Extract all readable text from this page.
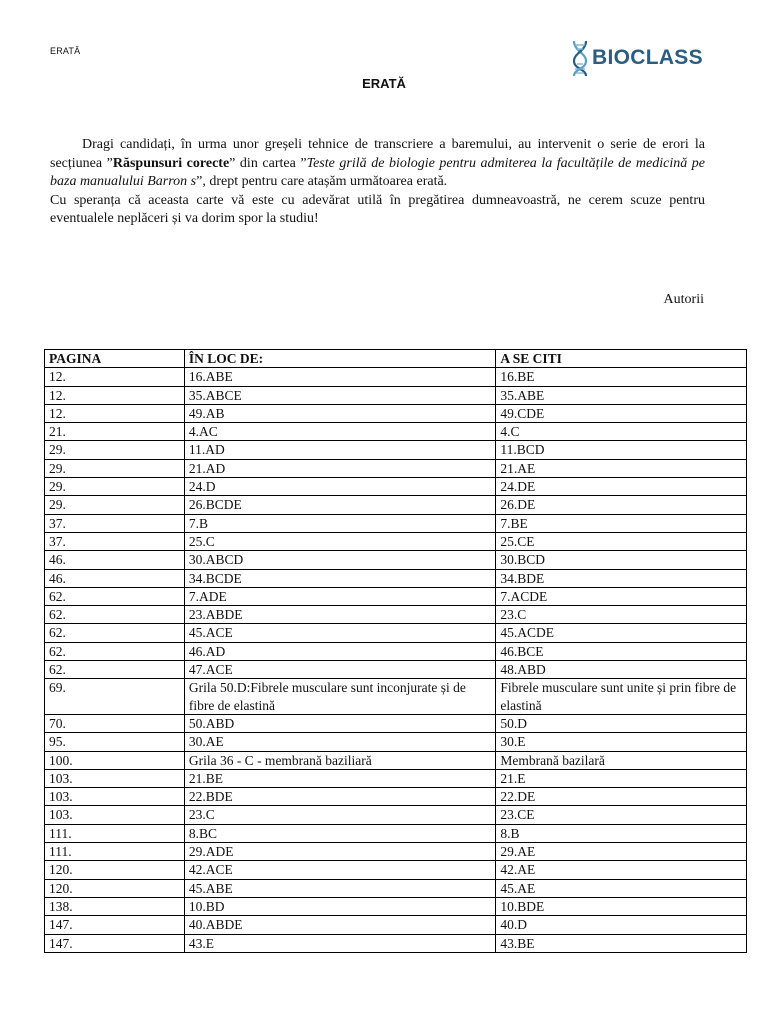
ERATĂ	BIOCLASS
ERATĂ

Dragi candidați, în urma unor greșeli tehnice de transcriere a baremului, au intervenit o serie de erori la secțiunea ”Răspunsuri corecte” din cartea ”Teste grilă de biologie pentru admiterea la facultățile de medicină pe baza manualului Barron s”, drept pentru care atașăm următoarea eratǎ.

Cu speranța că aceasta carte vă este cu adevărat utilă în pregătirea dumneavoastră, ne cerem scuze pentru eventualele neplăceri și va dorim spor la studiu!

Autorii
PAGINA	ÎN LOC DE:	A SE CITI
12.	16.ABE	16.BE
12.	35.ABCE	35.ABE
12.	49.AB	49.CDE
21.	4.AC	4.C
29.	11.AD	11.BCD
29.	21.AD	21.AE
29.	24.D	24.DE
29.	26.BCDE	26.DE
37.	7.B	7.BE
37.	25.C	25.CE
46.	30.ABCD	30.BCD
46.	34.BCDE	34.BDE
62.	7.ADE	7.ACDE
62.	23.ABDE	23.C
62.	45.ACE	45.ACDE
62.	46.AD	46.BCE
62.	47.ACE	48.ABD
69.	Grila 50.D:Fibrele musculare sunt inconjurate și de fibre de elastină	Fibrele musculare sunt unite și prin fibre de elastină
70.	50.ABD	50.D
95.	30.AE	30.E
100.	Grila 36 - C - membrană baziliară	Membrană bazilară
103.	21.BE	21.E
103.	22.BDE	22.DE
103.	23.C	23.CE
111.	8.BC	8.B
111.	29.ADE	29.AE
120.	42.ACE	42.AE
120.	45.ABE	45.AE
138.	10.BD	10.BDE
147.	40.ABDE	40.D
147.	43.E	43.BE
